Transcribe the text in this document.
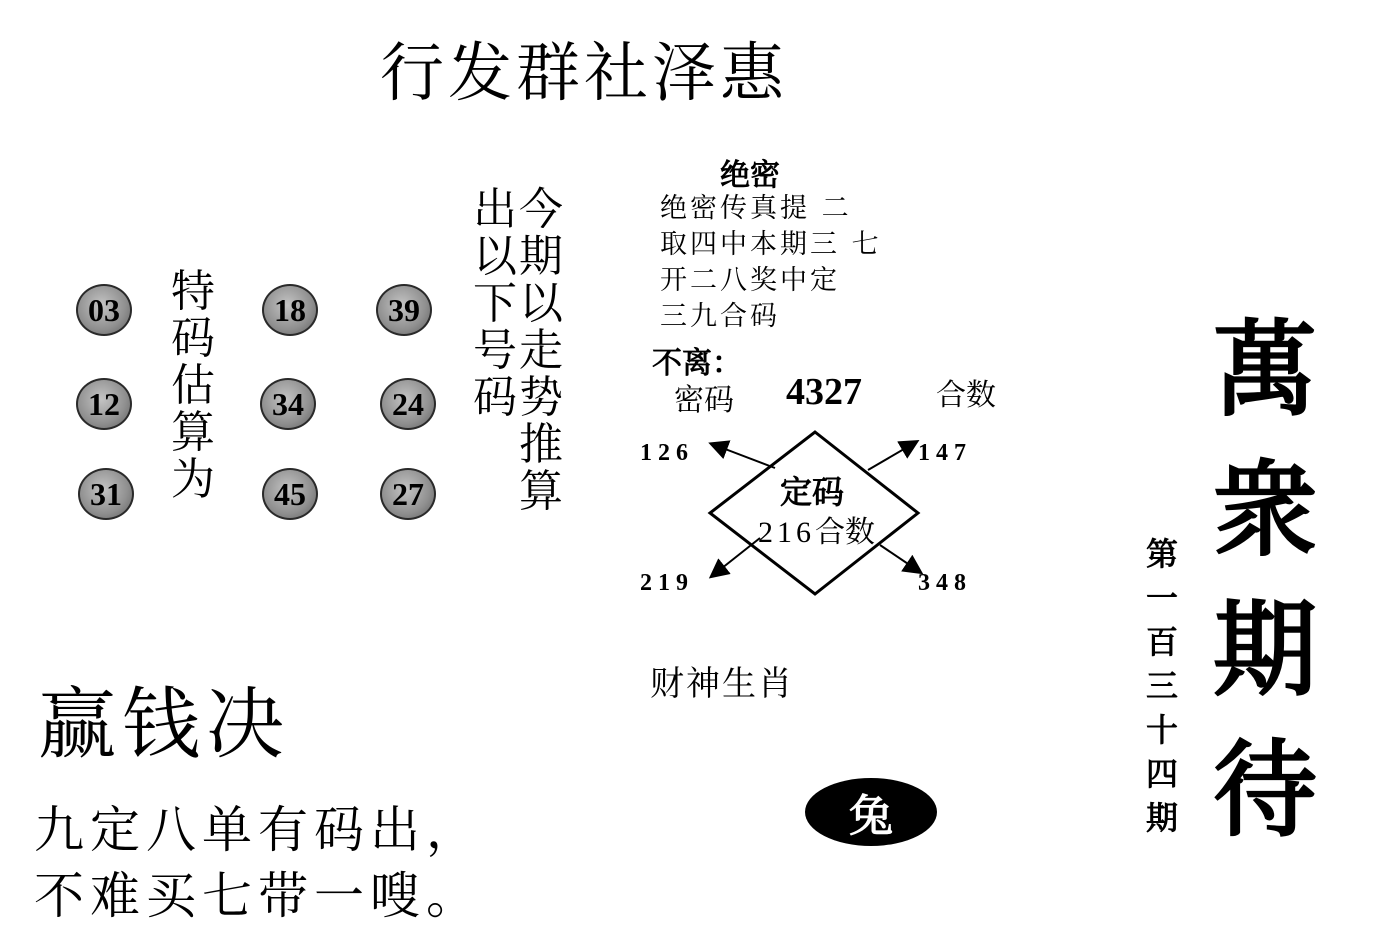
行发群社泽惠
03	18	39
12	34	24
31	45	27
特
码
估
算
为
今
期
以
走
势
推
算
出
以
下
号
码
绝密
绝密传真提 二
取四中本期三 七
开二八奖中定
三九合码
不离：
密码 4327 合数
126	147
219	348
定码
216合数
财神生肖
兔
赢钱决
九定八单有码出，
不难买七带一嗖。
萬
衆
期
待
第
一
百
三
十
四
期
